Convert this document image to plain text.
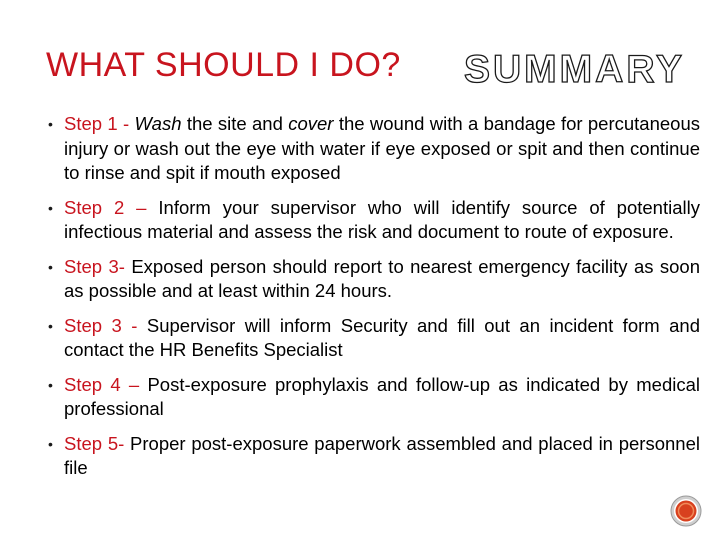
WHAT SHOULD I DO? SUMMARY
• Step 1 - Wash the site and cover the wound with a bandage for percutaneous injury or wash out the eye with water if eye exposed or spit and then continue to rinse and spit if mouth exposed
• Step 2 – Inform your supervisor who will identify source of potentially infectious material and assess the risk and document to route of exposure.
• Step 3- Exposed person should report to nearest emergency facility as soon as possible and at least within 24 hours.
• Step 3 - Supervisor will inform Security and fill out an incident form and contact the HR Benefits Specialist
• Step 4 – Post-exposure prophylaxis and follow-up as indicated by medical professional
• Step 5- Proper post-exposure paperwork assembled and placed in personnel file
